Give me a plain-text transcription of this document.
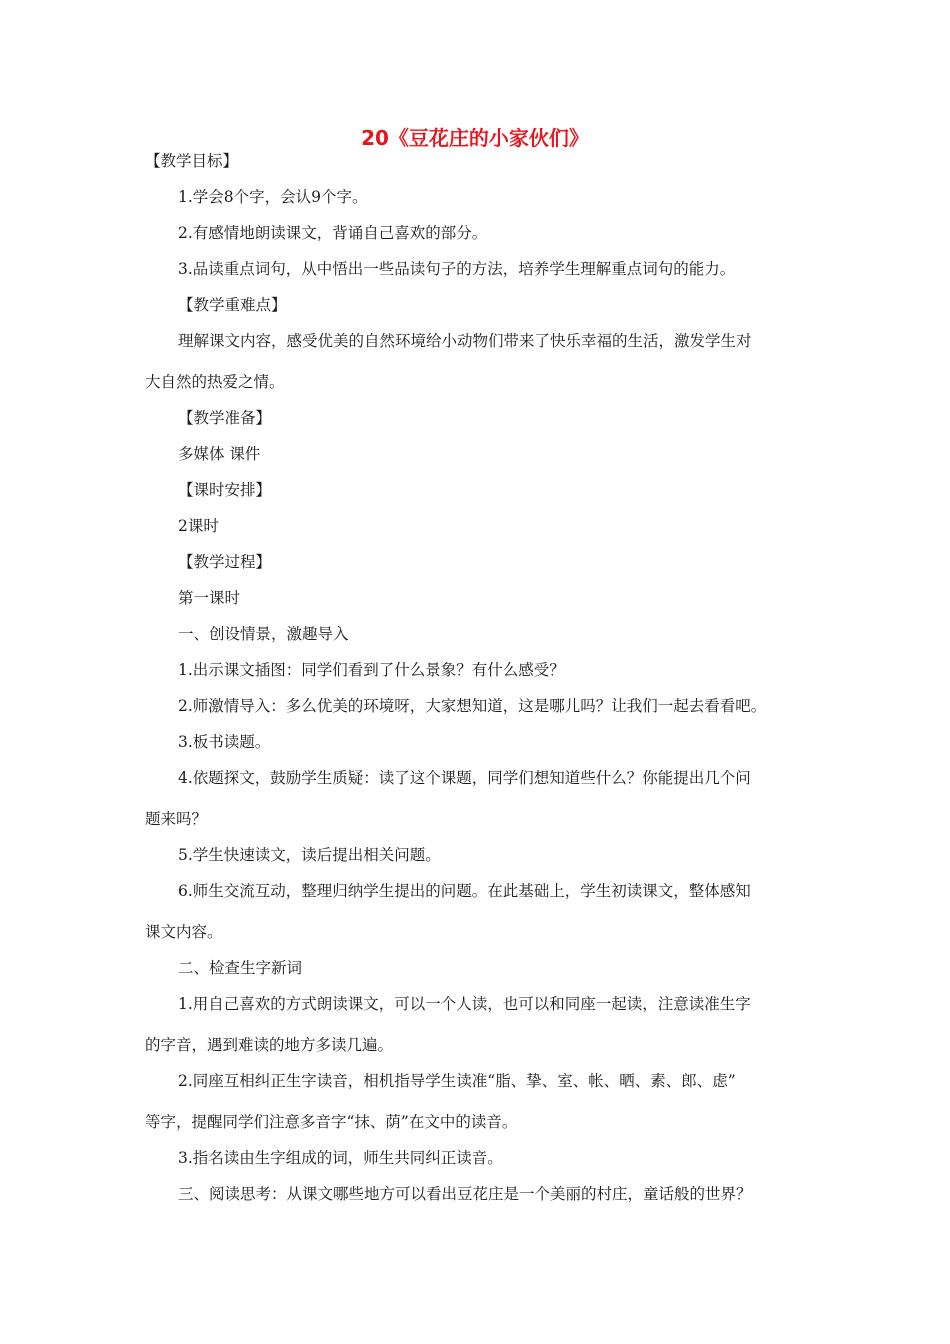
20《豆花庄的小家伙们》
【教学目标】
1.学会8个字，会认9个字。
2.有感情地朗读课文，背诵自己喜欢的部分。
3.品读重点词句，从中悟出一些品读句子的方法，培养学生理解重点词句的能力。
【教学重难点】
理解课文内容，感受优美的自然环境给小动物们带来了快乐幸福的生活，激发学生对
大自然的热爱之情。
【教学准备】
多媒体 课件
【课时安排】
2课时
【教学过程】
第一课时
一、创设情景，激趣导入
1.出示课文插图：同学们看到了什么景象？有什么感受？
2.师激情导入：多么优美的环境呀，大家想知道，这是哪儿吗？让我们一起去看看吧。
3.板书读题。
4.依题探文，鼓励学生质疑：读了这个课题，同学们想知道些什么？你能提出几个问
题来吗？
5.学生快速读文，读后提出相关问题。
6.师生交流互动，整理归纳学生提出的问题。在此基础上，学生初读课文，整体感知
课文内容。
二、检查生字新词
1.用自己喜欢的方式朗读课文，可以一个人读，也可以和同座一起读，注意读准生字
的字音，遇到难读的地方多读几遍。
2.同座互相纠正生字读音，相机指导学生读准“脂、挚、室、帐、晒、素、郎、虑”
等字，提醒同学们注意多音字“抹、荫”在文中的读音。
3.指名读由生字组成的词，师生共同纠正读音。
三、阅读思考：从课文哪些地方可以看出豆花庄是一个美丽的村庄，童话般的世界？
